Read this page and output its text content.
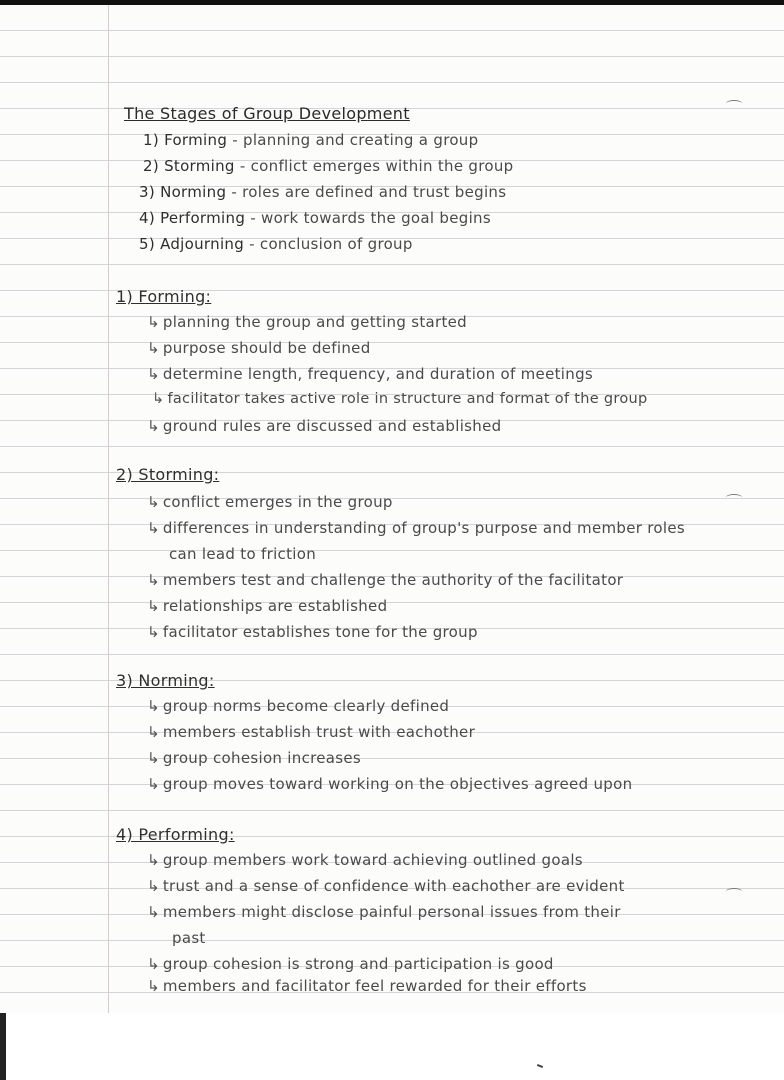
The Stages of Group Development

1) Forming - planning and creating a group

2) Storming - conflict emerges within the group

3) Norming - roles are defined and trust begins

4) Performing - work towards the goal begins

5) Adjourning - conclusion of group

1) Forming:

↳ planning the group and getting started

↳ purpose should be defined

↳ determine length, frequency, and duration of meetings

↳ facilitator takes active role in structure and format of the group

↳ ground rules are discussed and established

2) Storming:

↳ conflict emerges in the group

↳ differences in understanding of group's purpose and member roles

can lead to friction

↳ members test and challenge the authority of the facilitator

↳ relationships are established

↳ facilitator establishes tone for the group

3) Norming:

↳ group norms become clearly defined

↳ members establish trust with eachother

↳ group cohesion increases

↳ group moves toward working on the objectives agreed upon

4) Performing:

↳ group members work toward achieving outlined goals

↳ trust and a sense of confidence with eachother are evident

↳ members might disclose painful personal issues from their

past

↳ group cohesion is strong and participation is good

↳ members and facilitator feel rewarded for their efforts
